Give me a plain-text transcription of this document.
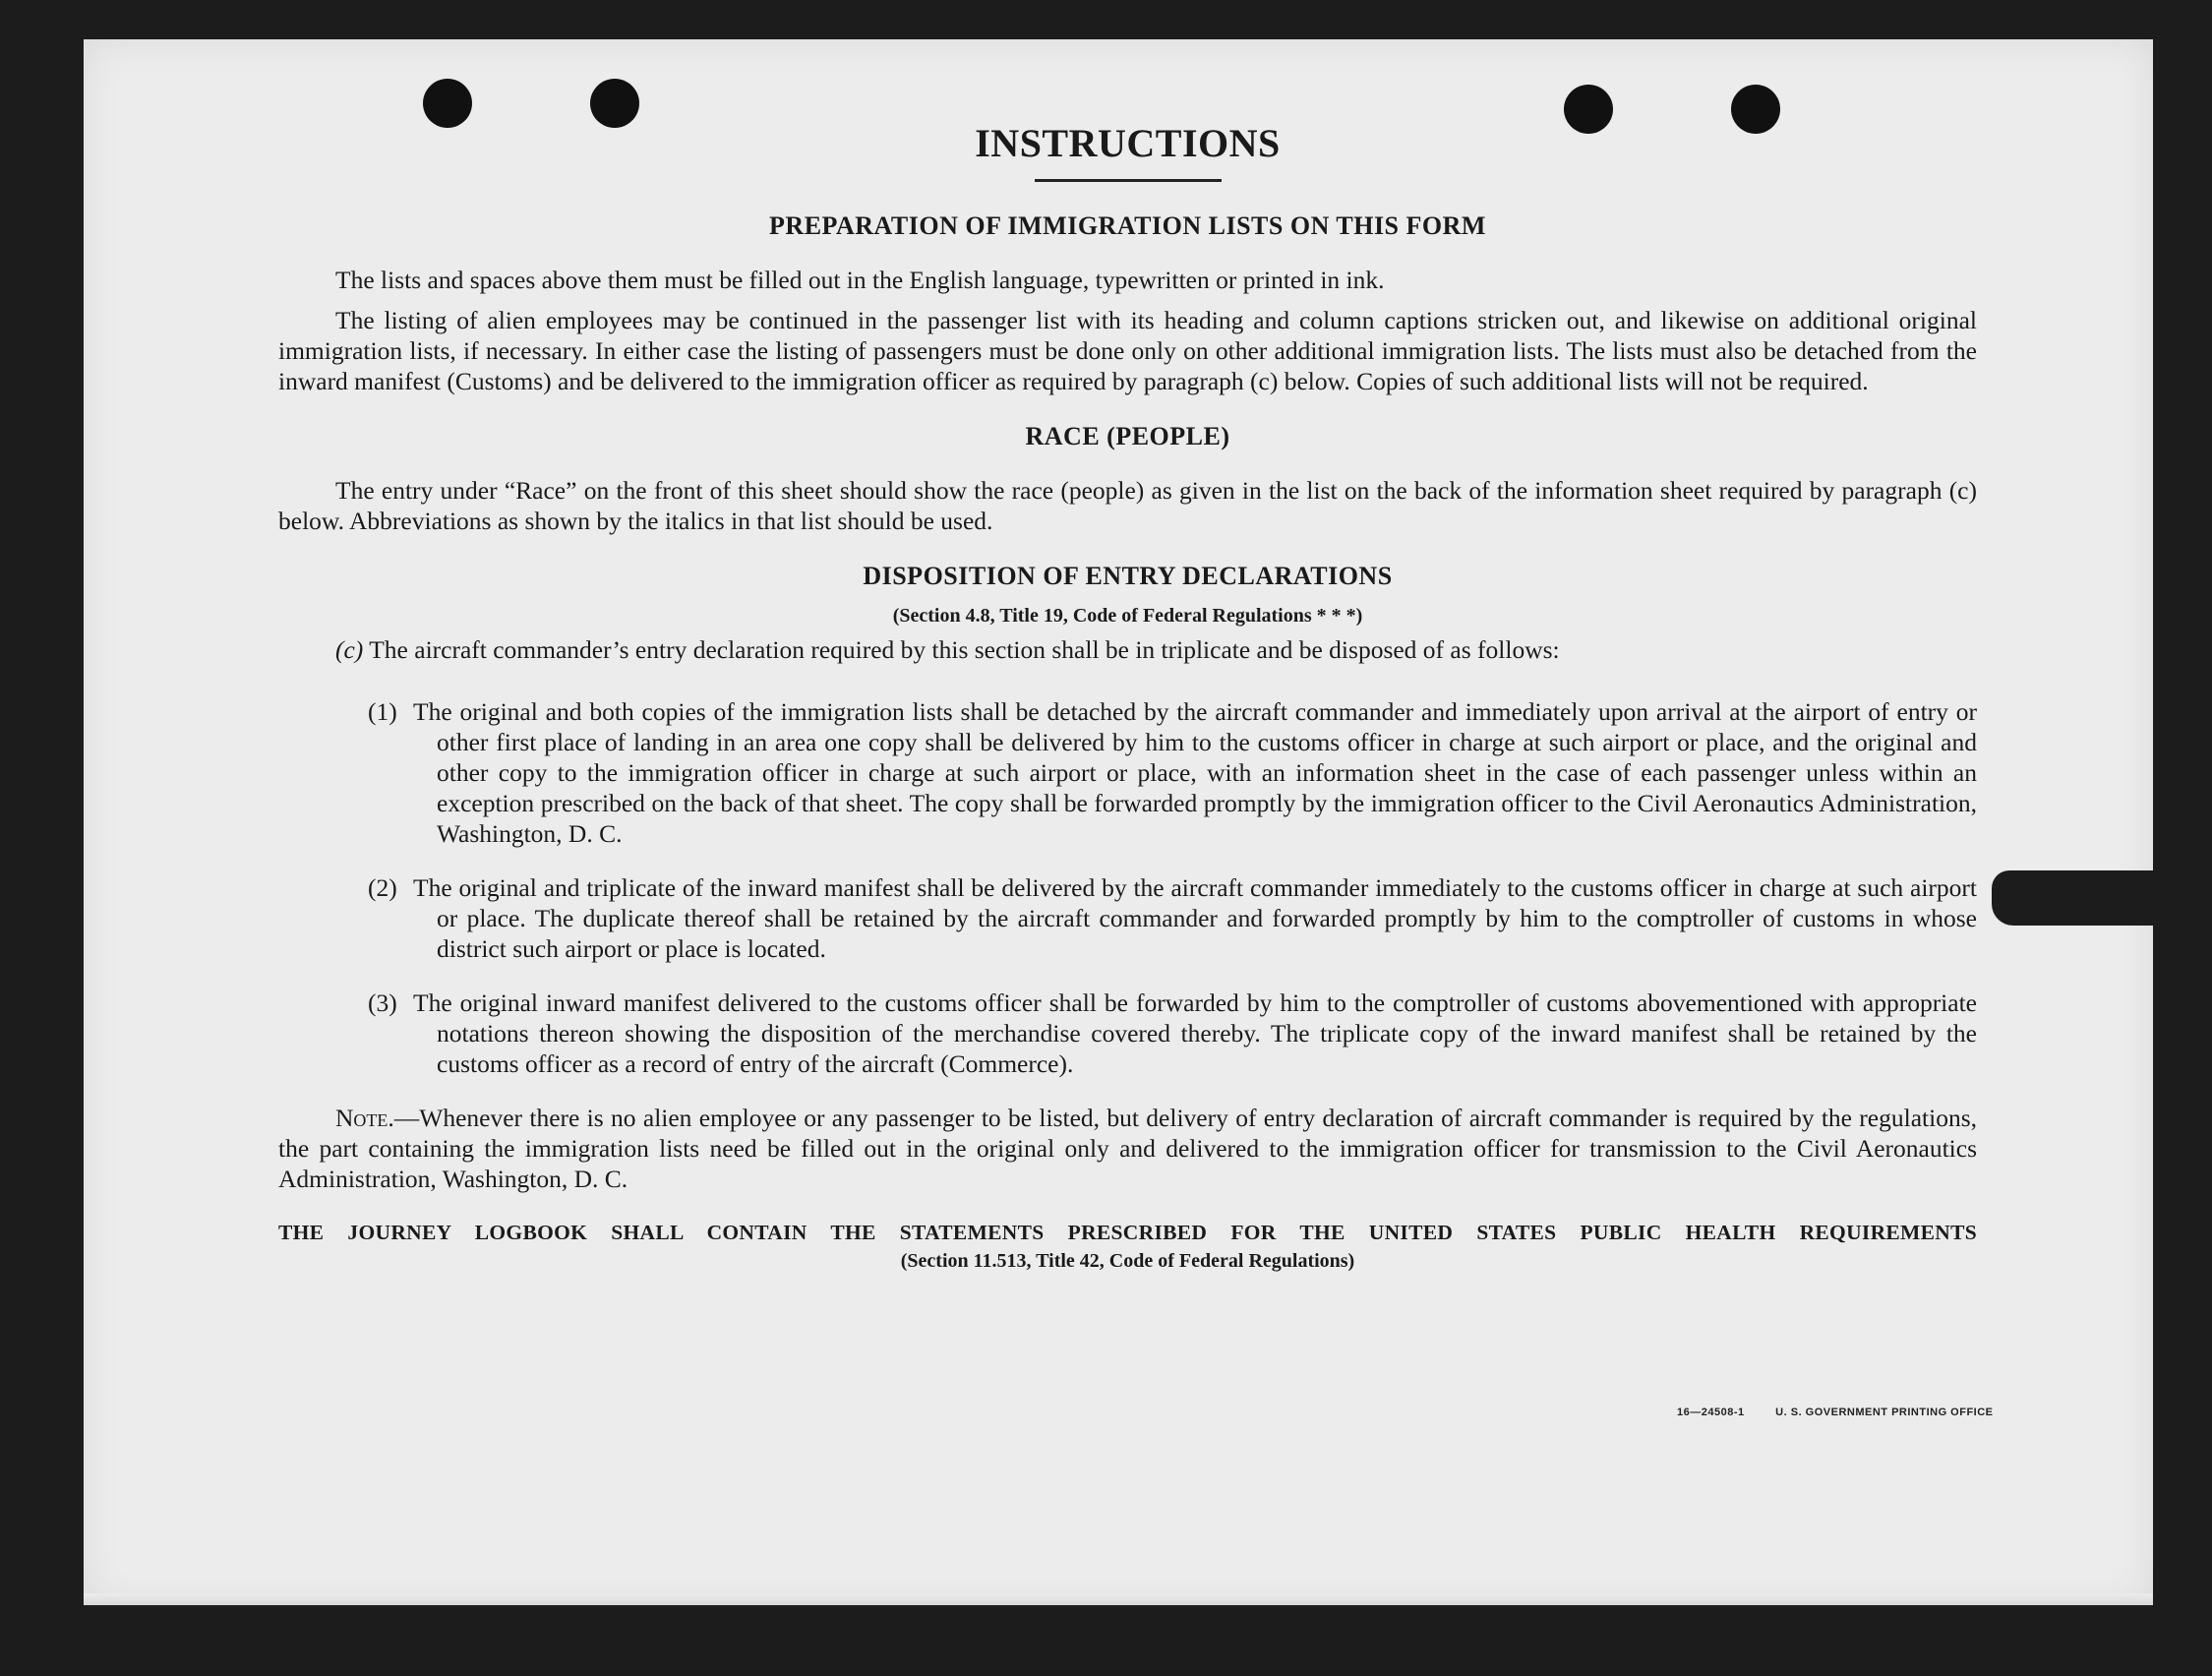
16—24508-1	U. S. GOVERNMENT PRINTING OFFICE
INSTRUCTIONS
PREPARATION OF IMMIGRATION LISTS ON THIS FORM

The lists and spaces above them must be filled out in the English language, typewritten or printed in ink.

The listing of alien employees may be continued in the passenger list with its heading and column captions stricken out, and likewise on additional original immigration lists, if necessary. In either case the listing of passengers must be done only on other additional immigration lists. The lists must also be detached from the inward manifest (Customs) and be delivered to the immigration officer as required by paragraph (c) below. Copies of such additional lists will not be required.

RACE (PEOPLE)

The entry under “Race” on the front of this sheet should show the race (people) as given in the list on the back of the information sheet required by paragraph (c) below. Abbreviations as shown by the italics in that list should be used.

DISPOSITION OF ENTRY DECLARATIONS
(Section 4.8, Title 19, Code of Federal Regulations * * *)

(c) The aircraft commander’s entry declaration required by this section shall be in triplicate and be disposed of as follows:

(1) The original and both copies of the immigration lists shall be detached by the aircraft commander and immediately upon arrival at the airport of entry or other first place of landing in an area one copy shall be delivered by him to the customs officer in charge at such airport or place, and the original and other copy to the immigration officer in charge at such airport or place, with an information sheet in the case of each passenger unless within an exception prescribed on the back of that sheet. The copy shall be forwarded promptly by the immigration officer to the Civil Aeronautics Administration, Washington, D. C.
(2) The original and triplicate of the inward manifest shall be delivered by the aircraft commander immediately to the customs officer in charge at such airport or place. The duplicate thereof shall be retained by the aircraft commander and forwarded promptly by him to the comptroller of customs in whose district such airport or place is located.
(3) The original inward manifest delivered to the customs officer shall be forwarded by him to the comptroller of customs abovementioned with appropriate notations thereon showing the disposition of the merchandise covered thereby. The triplicate copy of the inward manifest shall be retained by the customs officer as a record of entry of the aircraft (Commerce).

Note.—Whenever there is no alien employee or any passenger to be listed, but delivery of entry declaration of aircraft commander is required by the regulations, the part containing the immigration lists need be filled out in the original only and delivered to the immigration officer for transmission to the Civil Aeronautics Administration, Washington, D. C.

THE JOURNEY LOGBOOK SHALL CONTAIN THE STATEMENTS PRESCRIBED FOR THE UNITED STATES PUBLIC HEALTH REQUIREMENTS

(Section 11.513, Title 42, Code of Federal Regulations)
